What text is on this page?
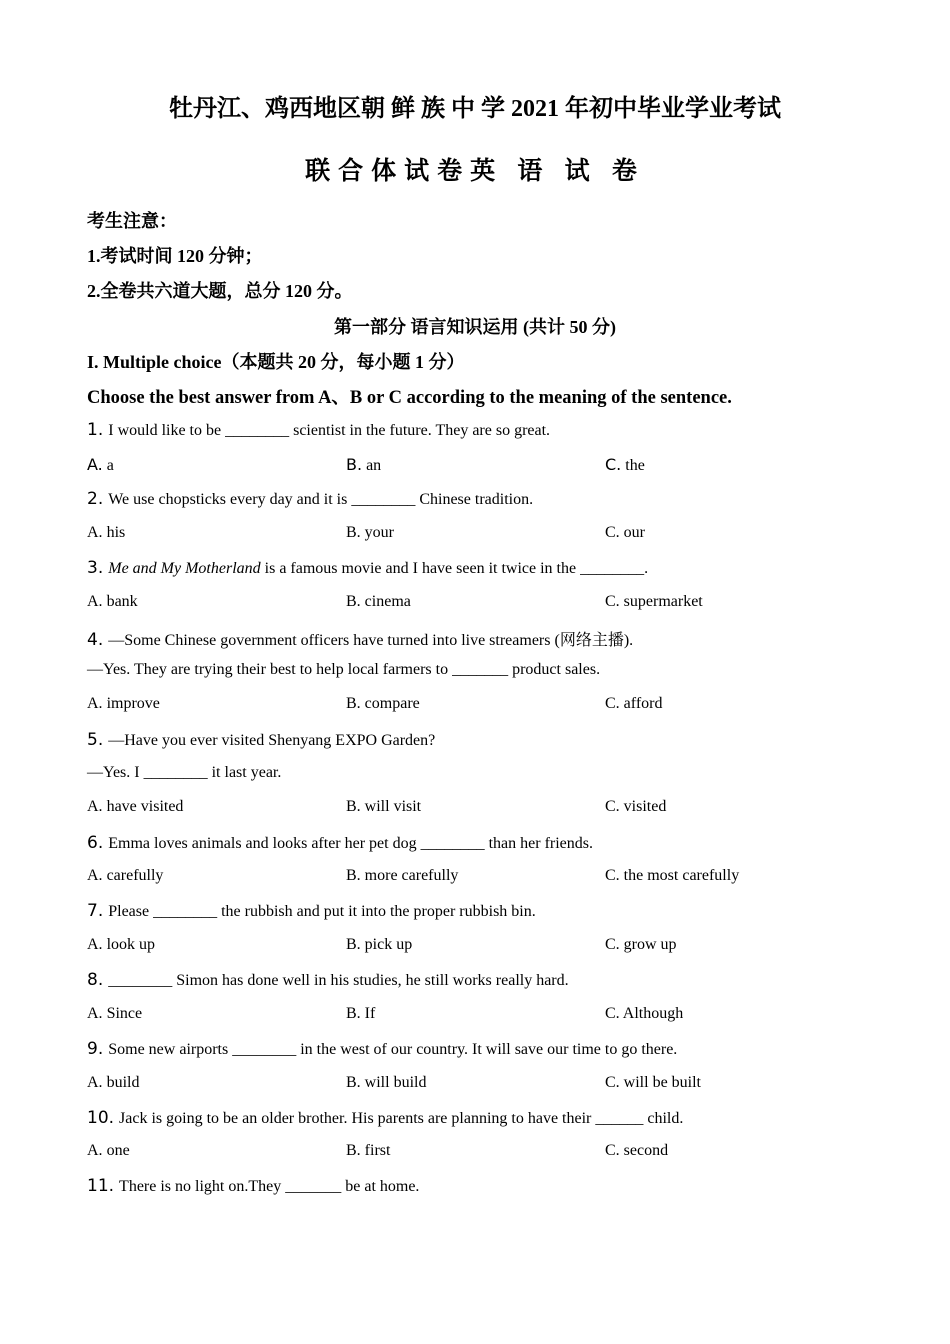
牡丹江、鸡西地区朝 鲜 族 中 学 2021 年初中毕业学业考试
联合体试卷英 语 试 卷
考生注意：
1.考试时间 120 分钟；
2.全卷共六道大题，总分 120 分。
第一部分 语言知识运用 (共计 50 分)
I. Multiple choice（本题共 20 分，每小题 1 分）
Choose the best answer from A、B or C according to the meaning of the sentence.
1. I would like to be ________ scientist in the future. They are so great.
A. a	B. an	C. the
2. We use chopsticks every day and it is ________ Chinese tradition.
A. his	B. your	C. our
3. Me and My Motherland is a famous movie and I have seen it twice in the ________.
A. bank	B. cinema	C. supermarket
4. —Some Chinese government officers have turned into live streamers (网络主播).
—Yes. They are trying their best to help local farmers to _______ product sales.
A. improve	B. compare	C. afford
5. —Have you ever visited Shenyang EXPO Garden?
—Yes. I ________ it last year.
A. have visited	B. will visit	C. visited
6. Emma loves animals and looks after her pet dog ________ than her friends.
A. carefully	B. more carefully	C. the most carefully
7. Please ________ the rubbish and put it into the proper rubbish bin.
A. look up	B. pick up	C. grow up
8. ________ Simon has done well in his studies, he still works really hard.
A. Since	B. If	C. Although
9. Some new airports ________ in the west of our country. It will save our time to go there.
A. build	B. will build	C. will be built
10. Jack is going to be an older brother. His parents are planning to have their ______ child.
A. one	B. first	C. second
11. There is no light on.They _______ be at home.
